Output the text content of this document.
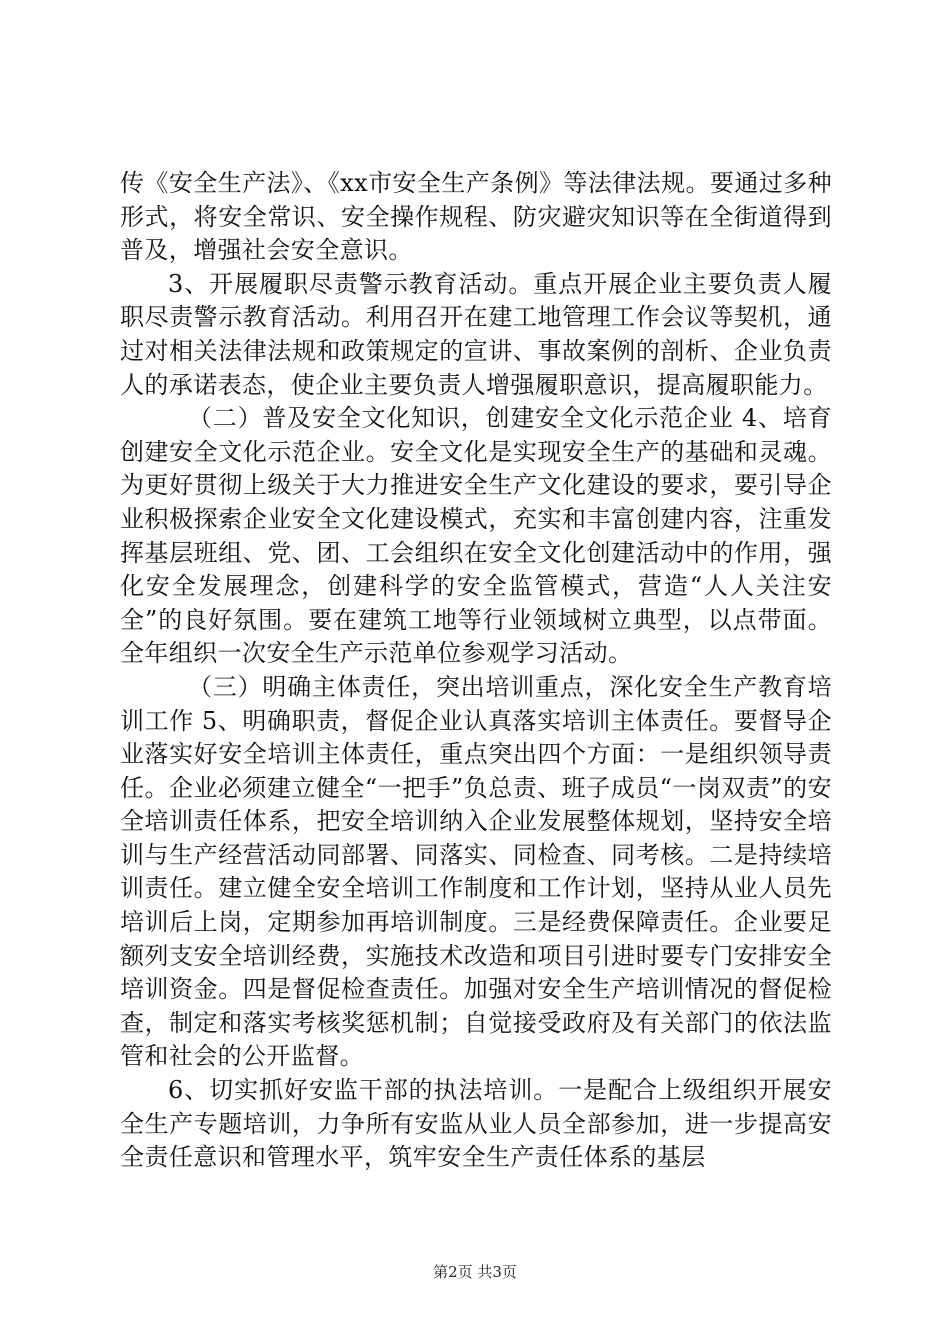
传《安全生产法》、《xx市安全生产条例》等法律法规。要通过多种形式，将安全常识、安全操作规程、防灾避灾知识等在全街道得到普及，增强社会安全意识。

3、开展履职尽责警示教育活动。重点开展企业主要负责人履职尽责警示教育活动。利用召开在建工地管理工作会议等契机，通过对相关法律法规和政策规定的宣讲、事故案例的剖析、企业负责人的承诺表态，使企业主要负责人增强履职意识，提高履职能力。

（二）普及安全文化知识，创建安全文化示范企业 4、培育创建安全文化示范企业。安全文化是实现安全生产的基础和灵魂。为更好贯彻上级关于大力推进安全生产文化建设的要求，要引导企业积极探索企业安全文化建设模式，充实和丰富创建内容，注重发挥基层班组、党、团、工会组织在安全文化创建活动中的作用，强化安全发展理念，创建科学的安全监管模式，营造“人人关注安全”的良好氛围。要在建筑工地等行业领域树立典型，以点带面。全年组织一次安全生产示范单位参观学习活动。

（三）明确主体责任，突出培训重点，深化安全生产教育培训工作 5、明确职责，督促企业认真落实培训主体责任。要督导企业落实好安全培训主体责任，重点突出四个方面：一是组织领导责任。企业必须建立健全“一把手”负总责、班子成员“一岗双责”的安全培训责任体系，把安全培训纳入企业发展整体规划，坚持安全培训与生产经营活动同部署、同落实、同检查、同考核。二是持续培训责任。建立健全安全培训工作制度和工作计划，坚持从业人员先培训后上岗，定期参加再培训制度。三是经费保障责任。企业要足额列支安全培训经费，实施技术改造和项目引进时要专门安排安全培训资金。四是督促检查责任。加强对安全生产培训情况的督促检查，制定和落实考核奖惩机制；自觉接受政府及有关部门的依法监管和社会的公开监督。

6、切实抓好安监干部的执法培训。一是配合上级组织开展安全生产专题培训，力争所有安监从业人员全部参加，进一步提高安全责任意识和管理水平，筑牢安全生产责任体系的基层

第2页 共3页
